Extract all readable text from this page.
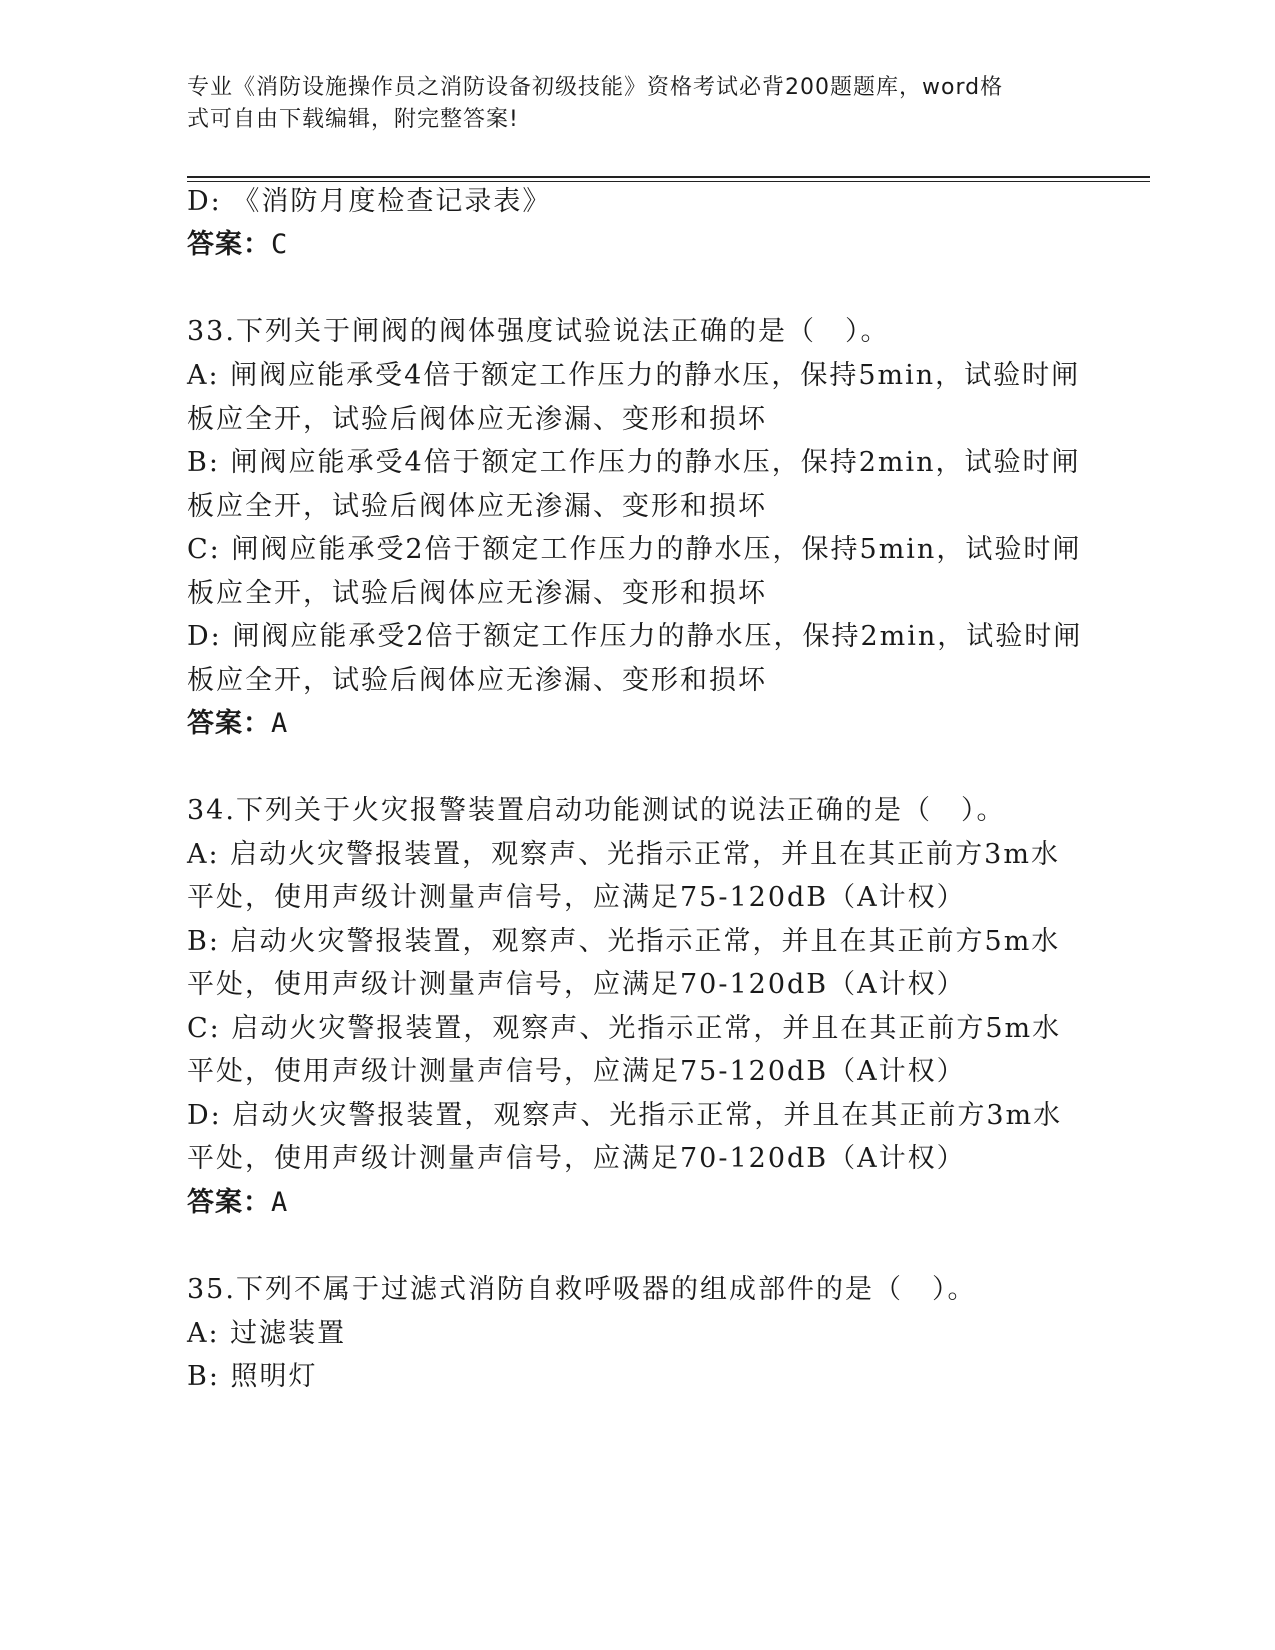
专业《消防设施操作员之消防设备初级技能》资格考试必背200题题库，word格
式可自由下载编辑，附完整答案!
D: 《消防月度检查记录表》
答案：C
33.下列关于闸阀的阀体强度试验说法正确的是（　）。
A: 闸阀应能承受4倍于额定工作压力的静水压，保持5min，试验时闸
板应全开，试验后阀体应无渗漏、变形和损坏
B: 闸阀应能承受4倍于额定工作压力的静水压，保持2min，试验时闸
板应全开，试验后阀体应无渗漏、变形和损坏
C: 闸阀应能承受2倍于额定工作压力的静水压，保持5min，试验时闸
板应全开，试验后阀体应无渗漏、变形和损坏
D: 闸阀应能承受2倍于额定工作压力的静水压，保持2min，试验时闸
板应全开，试验后阀体应无渗漏、变形和损坏
答案：A
34.下列关于火灾报警装置启动功能测试的说法正确的是（　）。
A: 启动火灾警报装置，观察声、光指示正常，并且在其正前方3m水
平处，使用声级计测量声信号，应满足75-120dB（A计权）
B: 启动火灾警报装置，观察声、光指示正常，并且在其正前方5m水
平处，使用声级计测量声信号，应满足70-120dB（A计权）
C: 启动火灾警报装置，观察声、光指示正常，并且在其正前方5m水
平处，使用声级计测量声信号，应满足75-120dB（A计权）
D: 启动火灾警报装置，观察声、光指示正常，并且在其正前方3m水
平处，使用声级计测量声信号，应满足70-120dB（A计权）
答案：A
35.下列不属于过滤式消防自救呼吸器的组成部件的是（　）。
A: 过滤装置
B: 照明灯
